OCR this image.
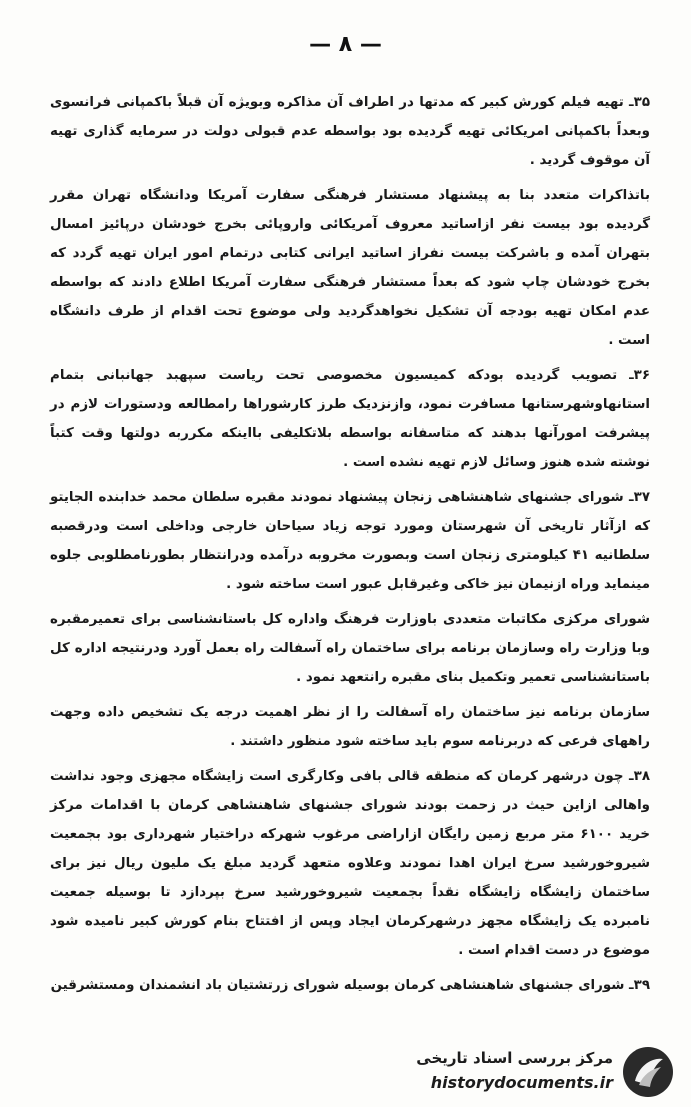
— ۸ —

۳۵ـ تهیه فیلم کورش کبیر که مدتها در اطراف آن مذاکره وبویژه آن قبلاً باکمپانی فرانسوی وبعداً باکمپانی امریکائی تهیه گردیده بود بواسطه عدم قبولی دولت در سرمایه گذاری تهیه آن موقوف گردید .

باتذاکرات متعدد بنا به پیشنهاد مستشار فرهنگی سفارت آمریکا ودانشگاه تهران مقرر گردیده بود بیست نفر ازاساتید معروف آمریکائی واروپائی بخرج خودشان درپائیز امسال بتهران آمده و باشرکت بیست نفراز اساتید ایرانی کتابی درتمام امور ایران تهیه گردد که بخرج خودشان چاپ شود که بعداً مستشار فرهنگی سفارت آمریکا اطلاع دادند که بواسطه عدم امکان تهیه بودجه آن تشکیل نخواهدگردید ولی موضوع تحت اقدام از طرف دانشگاه است .

۳۶ـ تصویب گردیده بودکه کمیسیون مخصوصی تحت ریاست سپهبد جهانبانی بتمام استانهاوشهرستانها مسافرت نمود، وازنزدیک طرز کارشوراها رامطالعه ودستورات لازم در پیشرفت امورآنها بدهند که متاسفانه بواسطه بلاتکلیفی بااینکه مکرربه دولتها وقت کتباً نوشته شده هنوز وسائل لازم تهیه نشده است .

۳۷ـ شورای جشنهای شاهنشاهی زنجان پیشنهاد نمودند مقبره سلطان محمد خدابنده الجایتو که ازآثار تاریخی آن شهرستان ومورد توجه زیاد سیاحان خارجی وداخلی است ودرقصبه سلطانیه ۴۱ کیلومتری زنجان است وبصورت مخروبه درآمده ودرانتظار بطورنامطلوبی جلوه مینماید وراه ازنیمان نیز خاکی وغیرقابل عبور است ساخته شود .

شورای مرکزی مکاتبات متعددی باوزارت فرهنگ واداره کل باستانشناسی برای تعمیرمقبره وبا وزارت راه وسازمان برنامه برای ساختمان راه آسفالت راه بعمل آورد ودرنتیجه اداره کل باستانشناسی تعمیر وتکمیل بنای مقبره رانتعهد نمود .

سازمان برنامه نیز ساختمان راه آسفالت را از نظر اهمیت درجه یک تشخیص داده وجهت راههای فرعی که دربرنامه سوم باید ساخته شود منظور داشتند .

۳۸ـ چون درشهر کرمان که منطقه قالی بافی وکارگری است زایشگاه مجهزی وجود نداشت واهالی ازاین حیث در زحمت بودند شورای جشنهای شاهنشاهی کرمان با اقدامات مرکز خرید ۶۱۰۰ متر مربع زمین رایگان ازاراضی مرغوب شهرکه دراختیار شهرداری بود بجمعیت شیروخورشید سرخ ایران اهدا نمودند وعلاوه متعهد گردید مبلغ یک ملیون ریال نیز برای ساختمان زایشگاه زایشگاه نقداً بجمعیت شیروخورشید سرخ بپردازد تا بوسیله جمعیت نامبرده یک زایشگاه مجهز درشهرکرمان ایجاد وپس از افتتاح بنام کورش کبیر نامیده شود موضوع در دست اقدام است .

۳۹ـ شورای جشنهای شاهنشاهی کرمان بوسیله شورای زرتشتیان باد انشمندان ومستشرقین

مرکز بررسی اسناد تاریخی
historydocuments.ir
